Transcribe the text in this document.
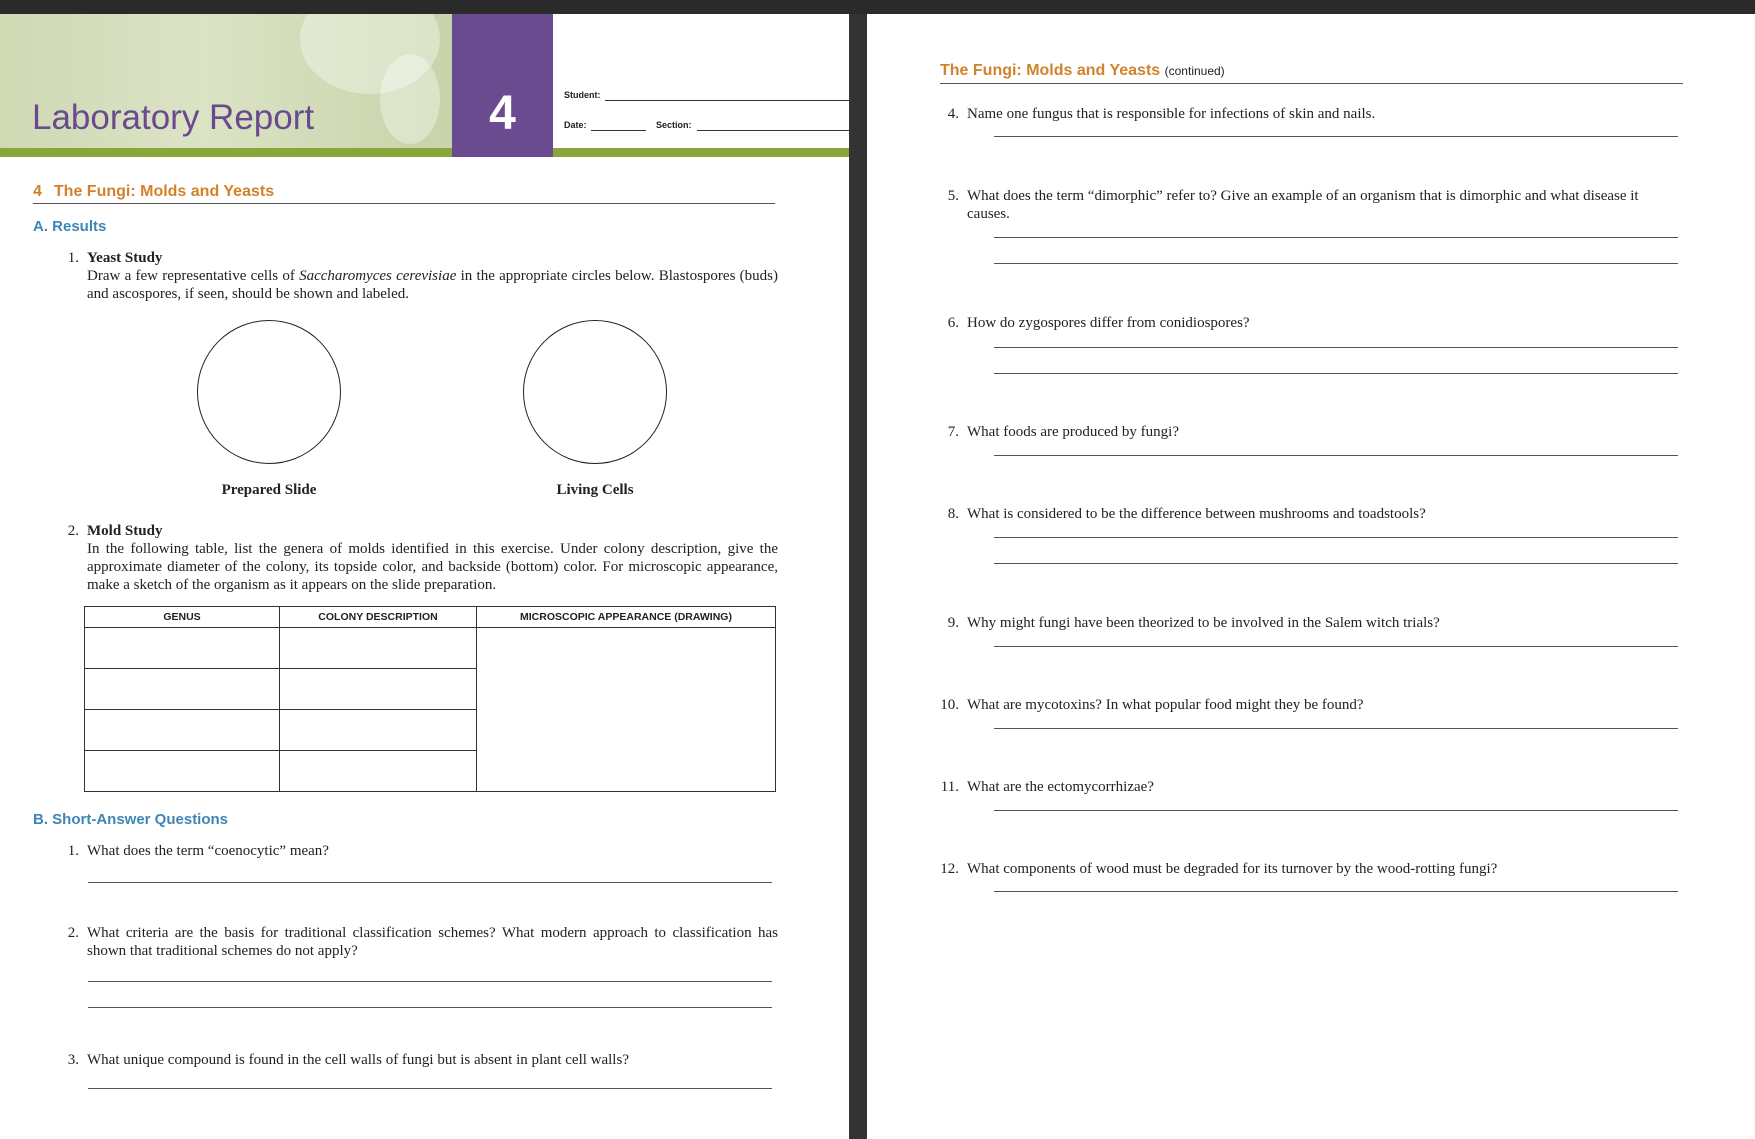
Laboratory Report	4	Student:
Date:	Section:
4 The Fungi: Molds and Yeasts
A. Results
1. Yeast Study
Draw a few representative cells of Saccharomyces cerevisiae in the appropriate circles below. Blastospores (buds) and ascospores, if seen, should be shown and labeled.
Prepared Slide	Living Cells
2. Mold Study
In the following table, list the genera of molds identified in this exercise. Under colony description, give the approximate diameter of the colony, its topside color, and backside (bottom) color. For microscopic appearance, make a sketch of the organism as it appears on the slide preparation.
GENUS	COLONY DESCRIPTION	MICROSCOPIC APPEARANCE (DRAWING)

B. Short-Answer Questions
1. What does the term “coenocytic” mean?
2. What criteria are the basis for traditional classification schemes? What modern approach to classification has shown that traditional schemes do not apply?
3. What unique compound is found in the cell walls of fungi but is absent in plant cell walls?
The Fungi: Molds and Yeasts (continued)
4. Name one fungus that is responsible for infections of skin and nails.
5. What does the term “dimorphic” refer to? Give an example of an organism that is dimorphic and what disease it causes.
6. How do zygospores differ from conidiospores?
7. What foods are produced by fungi?
8. What is considered to be the difference between mushrooms and toadstools?
9. Why might fungi have been theorized to be involved in the Salem witch trials?
10. What are mycotoxins? In what popular food might they be found?
11. What are the ectomycorrhizae?
12. What components of wood must be degraded for its turnover by the wood-rotting fungi?
